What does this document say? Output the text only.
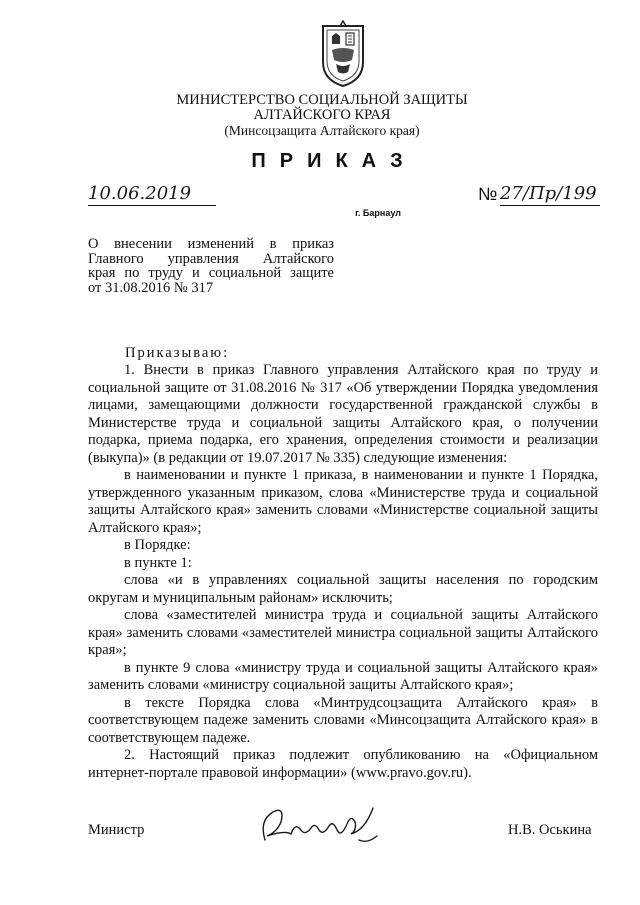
МИНИСТЕРСТВО СОЦИАЛЬНОЙ ЗАЩИТЫ
АЛТАЙСКОГО КРАЯ
(Минсоцзащита Алтайского края)
ПРИКАЗ
10.06.2019	№ 27/Пр/199
г. Барнаул
О внесении изменений в приказ
Главного управления Алтайского
края по труду и социальной защите
от 31.08.2016 № 317
Приказываю:

1. Внести в приказ Главного управления Алтайского края по труду и социальной защите от 31.08.2016 № 317 «Об утверждении Порядка уведомления лицами, замещающими должности государственной гражданской службы в Министерстве труда и социальной защиты Алтайского края, о получении подарка, приема подарка, его хранения, определения стоимости и реализации (выкупа)» (в редакции от 19.07.2017 № 335) следующие изменения:

в наименовании и пункте 1 приказа, в наименовании и пункте 1 Порядка, утвержденного указанным приказом, слова «Министерстве труда и социальной защиты Алтайского края» заменить словами «Министерстве социальной защиты Алтайского края»;

в Порядке:

в пункте 1:

слова «и в управлениях социальной защиты населения по городским округам и муниципальным районам» исключить;

слова «заместителей министра труда и социальной защиты Алтайского края» заменить словами «заместителей министра социальной защиты Алтайского края»;

в пункте 9 слова «министру труда и социальной защиты Алтайского края» заменить словами «министру социальной защиты Алтайского края»;

в тексте Порядка слова «Минтрудсоцзащита Алтайского края» в соответствующем падеже заменить словами «Минсоцзащита Алтайского края» в соответствующем падеже.

2. Настоящий приказ подлежит опубликованию на «Официальном интернет-портале правовой информации» (www.pravo.gov.ru).

Министр	Н.В. Оськина
